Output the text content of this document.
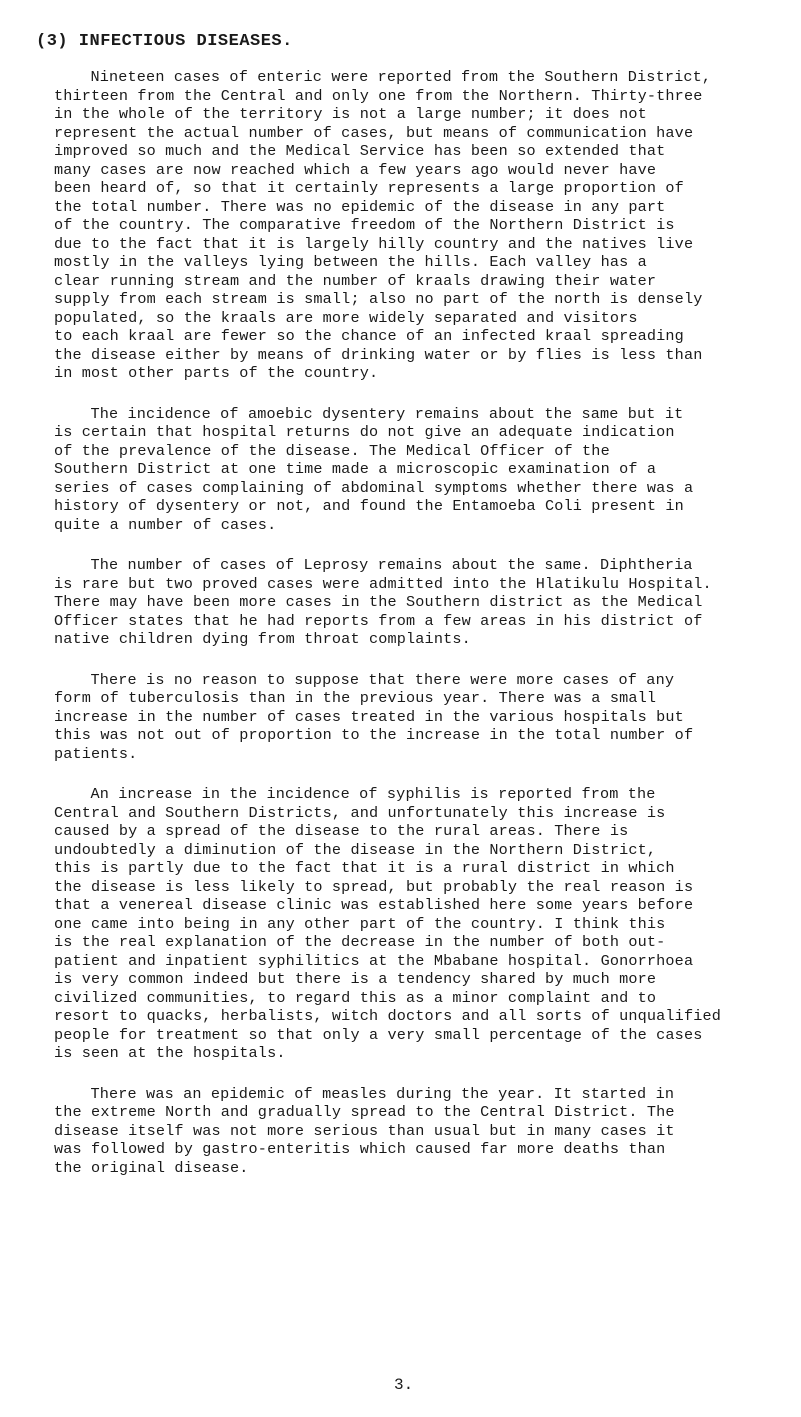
(3) INFECTIOUS DISEASES.

Nineteen cases of enteric were reported from the Southern District,
thirteen from the Central and only one from the Northern. Thirty-three
in the whole of the territory is not a large number; it does not
represent the actual number of cases, but means of communication have
improved so much and the Medical Service has been so extended that
many cases are now reached which a few years ago would never have
been heard of, so that it certainly represents a large proportion of
the total number. There was no epidemic of the disease in any part
of the country. The comparative freedom of the Northern District is
due to the fact that it is largely hilly country and the natives live
mostly in the valleys lying between the hills. Each valley has a
clear running stream and the number of kraals drawing their water
supply from each stream is small; also no part of the north is densely
populated, so the kraals are more widely separated and visitors
to each kraal are fewer so the chance of an infected kraal spreading
the disease either by means of drinking water or by flies is less than
in most other parts of the country.

The incidence of amoebic dysentery remains about the same but it
is certain that hospital returns do not give an adequate indication
of the prevalence of the disease. The Medical Officer of the
Southern District at one time made a microscopic examination of a
series of cases complaining of abdominal symptoms whether there was a
history of dysentery or not, and found the Entamoeba Coli present in
quite a number of cases.

The number of cases of Leprosy remains about the same. Diphtheria
is rare but two proved cases were admitted into the Hlatikulu Hospital.
There may have been more cases in the Southern district as the Medical
Officer states that he had reports from a few areas in his district of
native children dying from throat complaints.

There is no reason to suppose that there were more cases of any
form of tuberculosis than in the previous year. There was a small
increase in the number of cases treated in the various hospitals but
this was not out of proportion to the increase in the total number of
patients.

An increase in the incidence of syphilis is reported from the
Central and Southern Districts, and unfortunately this increase is
caused by a spread of the disease to the rural areas. There is
undoubtedly a diminution of the disease in the Northern District,
this is partly due to the fact that it is a rural district in which
the disease is less likely to spread, but probably the real reason is
that a venereal disease clinic was established here some years before
one came into being in any other part of the country. I think this
is the real explanation of the decrease in the number of both out-
patient and inpatient syphilitics at the Mbabane hospital. Gonorrhoea
is very common indeed but there is a tendency shared by much more
civilized communities, to regard this as a minor complaint and to
resort to quacks, herbalists, witch doctors and all sorts of unqualified
people for treatment so that only a very small percentage of the cases
is seen at the hospitals.

There was an epidemic of measles during the year. It started in
the extreme North and gradually spread to the Central District. The
disease itself was not more serious than usual but in many cases it
was followed by gastro-enteritis which caused far more deaths than
the original disease.

3.
